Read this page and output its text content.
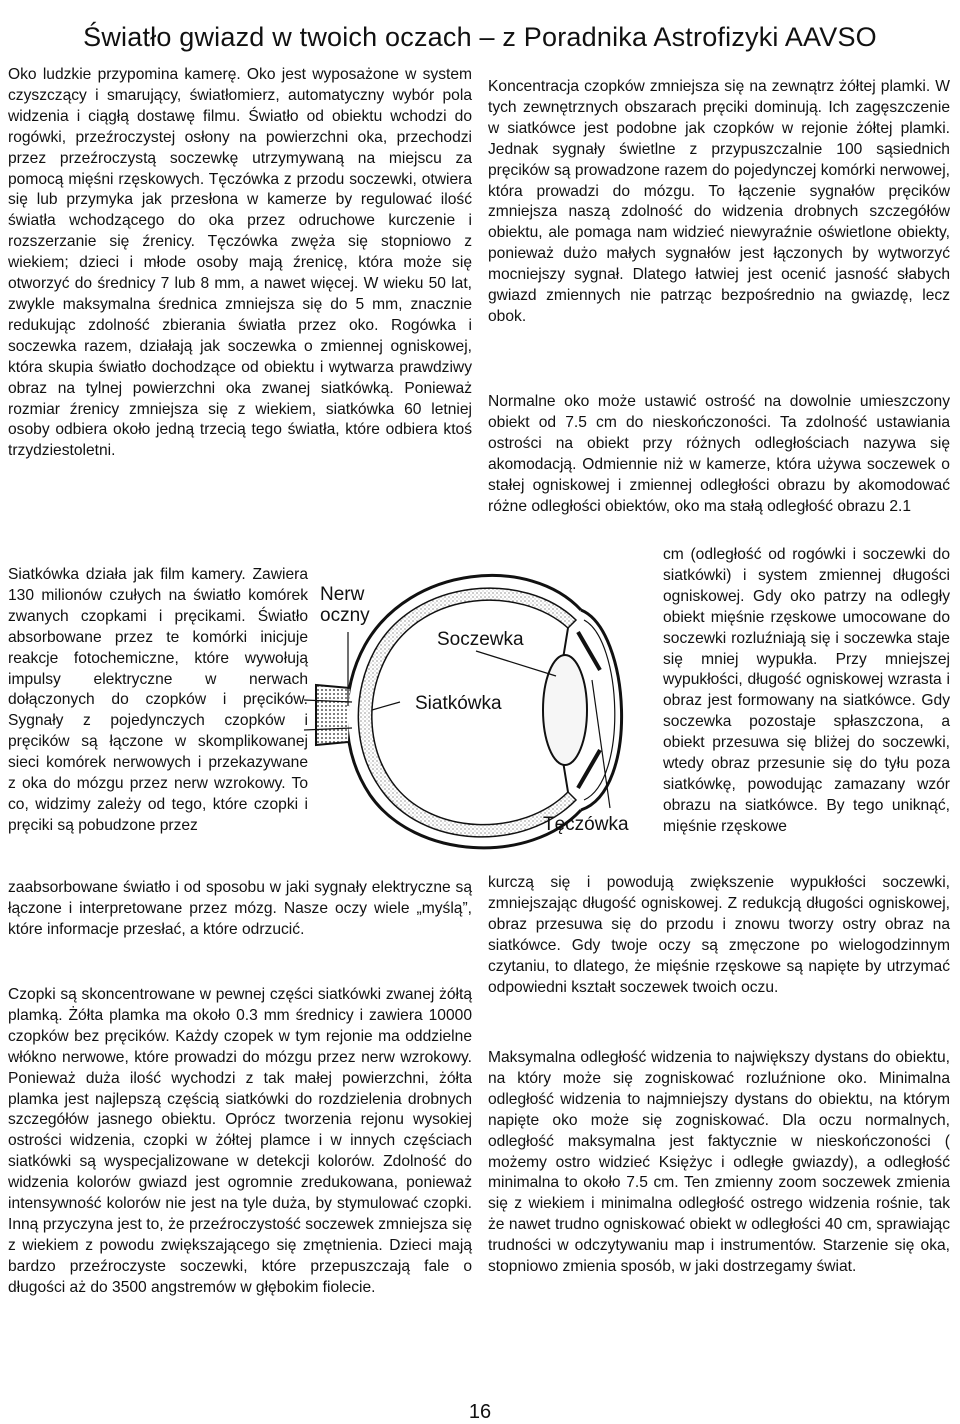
Światło gwiazd w twoich oczach – z Poradnika Astrofizyki AAVSO

Oko ludzkie przypomina kamerę. Oko jest wyposażone w system czyszczący i smarujący, światłomierz, automatyczny wybór pola widzenia i ciągłą dostawę filmu. Światło od obiektu wchodzi do rogówki, przeźroczystej osłony na powierzchni oka, przechodzi przez przeźroczystą soczewkę utrzymywaną na miejscu za pomocą mięśni rzęskowych. Tęczówka z przodu soczewki, otwiera się lub przymyka jak przesłona w kamerze by regulować ilość światła wchodzącego do oka przez odruchowe kurczenie i rozszerzanie się źrenicy. Tęczówka zwęża się stopniowo z wiekiem; dzieci i młode osoby mają źrenicę, która może się otworzyć do średnicy 7 lub 8 mm, a nawet więcej. W wieku 50 lat, zwykle maksymalna średnica zmniejsza się do 5 mm, znacznie redukując zdolność zbierania światła przez oko. Rogówka i soczewka razem, działają jak soczewka o zmiennej ogniskowej, która skupia światło dochodzące od obiektu i wytwarza prawdziwy obraz na tylnej powierzchni oka zwanej siatkówką. Ponieważ rozmiar źrenicy zmniejsza się z wiekiem, siatkówka 60 letniej osoby odbiera około jedną trzecią tego światła, które odbiera ktoś trzydziestoletni.

Siatkówka działa jak film kamery. Zawiera 130 milionów czułych na światło komórek zwanych czopkami i pręcikami. Światło absorbowane przez te komórki inicjuje reakcje fotochemiczne, które wywołują impulsy elektryczne w nerwach dołączonych do czopków i pręcików. Sygnały z pojedynczych czopków i pręcików są łączone w skomplikowanej sieci komórek nerwowych i przekazywane z oka do mózgu przez nerw wzrokowy. To co, widzimy zależy od tego, które czopki i pręciki są pobudzone przez

zaabsorbowane światło i od sposobu w jaki sygnały elektryczne są łączone i interpretowane przez mózg. Nasze oczy wiele „myślą”, które informacje przesłać, a które odrzucić.

Czopki są skoncentrowane w pewnej części siatkówki zwanej żółtą plamką. Żółta plamka ma około 0.3 mm średnicy i zawiera 10000 czopków bez pręcików. Każdy czopek w tym rejonie ma oddzielne włókno nerwowe, które prowadzi do mózgu przez nerw wzrokowy. Ponieważ duża ilość wychodzi z tak małej powierzchni, żółta plamka jest najlepszą częścią siatkówki do rozdzielenia drobnych szczegółów jasnego obiektu. Oprócz tworzenia rejonu wysokiej ostrości widzenia, czopki w żółtej plamce i w innych częściach siatkówki są wyspecjalizowane w detekcji kolorów. Zdolność do widzenia kolorów gwiazd jest ogromnie zredukowana, ponieważ intensywność kolorów nie jest na tyle duża, by stymulować czopki. Inną przyczyna jest to, że przeźroczystość soczewek zmniejsza się z wiekiem z powodu zwiększającego się zmętnienia. Dzieci mają bardzo przeźroczyste soczewki, które przepuszczają fale o długości aż do 3500 angstremów w głębokim fiolecie.

Koncentracja czopków zmniejsza się na zewnątrz żółtej plamki. W tych zewnętrznych obszarach pręciki dominują. Ich zagęszczenie w siatkówce jest podobne jak czopków w rejonie żółtej plamki. Jednak sygnały świetlne z przypuszczalnie 100 sąsiednich pręcików są prowadzone razem do pojedynczej komórki nerwowej, która prowadzi do mózgu. To łączenie sygnałów pręcików zmniejsza naszą zdolność do widzenia drobnych szczegółów obiektu, ale pomaga nam widzieć niewyraźnie oświetlone obiekty, ponieważ dużo małych sygnałów jest łączonych by wytworzyć mocniejszy sygnał. Dlatego łatwiej jest ocenić jasność słabych gwiazd zmiennych nie patrząc bezpośrednio na gwiazdę, lecz obok.

Normalne oko może ustawić ostrość na dowolnie umieszczony obiekt od 7.5 cm do nieskończoności. Ta zdolność ustawiania ostrości na obiekt przy różnych odległościach nazywa się akomodacją. Odmiennie niż w kamerze, która używa soczewek o stałej ogniskowej i zmiennej odległości obrazu by akomodować różne odległości obiektów, oko ma stałą odległość obrazu 2.1

cm (odległość od rogówki i soczewki do siatkówki) i system zmiennej długości ogniskowej. Gdy oko patrzy na odległy obiekt mięśnie rzęskowe umocowane do soczewki rozluźniają się i soczewka staje się mniej wypukła. Przy mniejszej wypukłości, długość ogniskowej wzrasta i obraz jest formowany na siatkówce. Gdy soczewka pozostaje spłaszczona, a obiekt przesuwa się bliżej do soczewki, wtedy obraz przesunie się do tyłu poza siatkówkę, powodując zamazany wzór obrazu na siatkówce. By tego uniknąć, mięśnie rzęskowe

kurczą się i powodują zwiększenie wypukłości soczewki, zmniejszając długość ogniskowej. Z redukcją długości ogniskowej, obraz przesuwa się do przodu i znowu tworzy ostry obraz na siatkówce. Gdy twoje oczy są zmęczone po wielogodzinnym czytaniu, to dlatego, że mięśnie rzęskowe są napięte by utrzymać odpowiedni kształt soczewek twoich oczu.

Maksymalna odległość widzenia to największy dystans do obiektu, na który może się zogniskować rozluźnione oko. Minimalna odległość widzenia to najmniejszy dystans do obiektu, na którym napięte oko może się zogniskować. Dla oczu normalnych, odległość maksymalna jest faktycznie w nieskończoności ( możemy ostro widzieć Księżyc i odległe gwiazdy), a odległość minimalna to około 7.5 cm. Ten zmienny zoom soczewek zmienia się z wiekiem i minimalna odległość ostrego widzenia rośnie, tak że nawet trudno ogniskować obiekt w odległości 40 cm, sprawiając trudności w odczytywaniu map i instrumentów. Starzenie się oka, stopniowo zmienia sposób, w jaki dostrzegamy świat.

Nerw oczny
Soczewka
Siatkówka
Tęczówka
16
